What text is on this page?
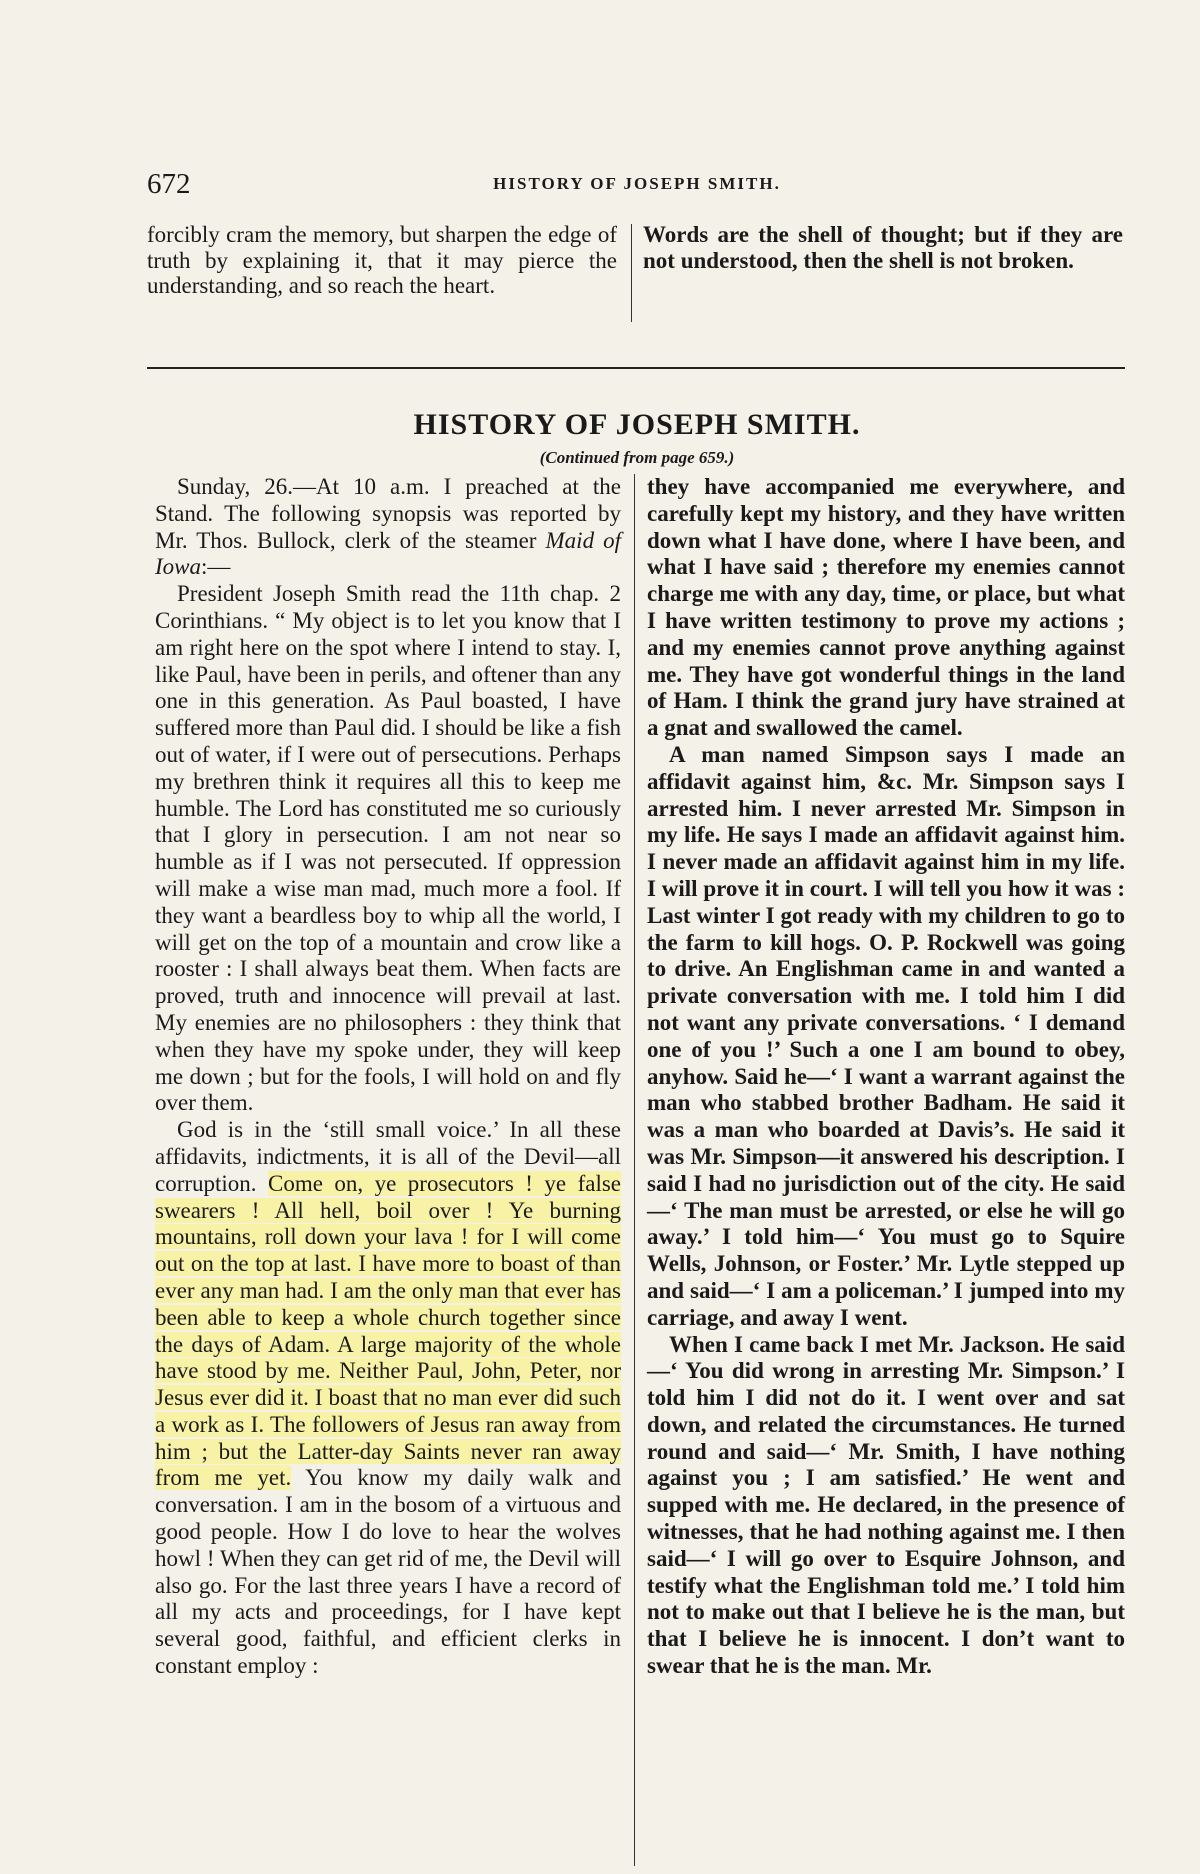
672	HISTORY OF JOSEPH SMITH.

forcibly cram the memory, but sharpen the edge of truth by explaining it, that it may pierce the understanding, and so reach the heart.

Words are the shell of thought; but if they are not understood, then the shell is not broken.

HISTORY OF JOSEPH SMITH.
(Continued from page 659.)

Sunday, 26.—At 10 a.m. I preached at the Stand. The following synopsis was reported by Mr. Thos. Bullock, clerk of the steamer Maid of Iowa:—

President Joseph Smith read the 11th chap. 2 Corinthians. “ My object is to let you know that I am right here on the spot where I intend to stay. I, like Paul, have been in perils, and oftener than any one in this generation. As Paul boasted, I have suffered more than Paul did. I should be like a fish out of water, if I were out of persecutions. Perhaps my brethren think it requires all this to keep me humble. The Lord has constituted me so curiously that I glory in persecution. I am not near so humble as if I was not persecuted. If oppression will make a wise man mad, much more a fool. If they want a beardless boy to whip all the world, I will get on the top of a mountain and crow like a rooster : I shall always beat them. When facts are proved, truth and innocence will prevail at last. My enemies are no philosophers : they think that when they have my spoke under, they will keep me down ; but for the fools, I will hold on and fly over them.

God is in the ‘still small voice.’ In all these affidavits, indictments, it is all of the Devil—all corruption. Come on, ye prosecutors ! ye false swearers ! All hell, boil over ! Ye burning mountains, roll down your lava ! for I will come out on the top at last. I have more to boast of than ever any man had. I am the only man that ever has been able to keep a whole church together since the days of Adam. A large majority of the whole have stood by me. Neither Paul, John, Peter, nor Jesus ever did it. I boast that no man ever did such a work as I. The followers of Jesus ran away from him ; but the Latter-day Saints never ran away from me yet. You know my daily walk and conversation. I am in the bosom of a virtuous and good people. How I do love to hear the wolves howl ! When they can get rid of me, the Devil will also go. For the last three years I have a record of all my acts and proceedings, for I have kept several good, faithful, and efficient clerks in constant employ :

they have accompanied me everywhere, and carefully kept my history, and they have written down what I have done, where I have been, and what I have said ; therefore my enemies cannot charge me with any day, time, or place, but what I have written testimony to prove my actions ; and my enemies cannot prove anything against me. They have got wonderful things in the land of Ham. I think the grand jury have strained at a gnat and swallowed the camel.

A man named Simpson says I made an affidavit against him, &c. Mr. Simpson says I arrested him. I never arrested Mr. Simpson in my life. He says I made an affidavit against him. I never made an affidavit against him in my life. I will prove it in court. I will tell you how it was : Last winter I got ready with my children to go to the farm to kill hogs. O. P. Rockwell was going to drive. An Englishman came in and wanted a private conversation with me. I told him I did not want any private conversations. ‘ I demand one of you !’ Such a one I am bound to obey, anyhow. Said he—‘ I want a warrant against the man who stabbed brother Badham. He said it was a man who boarded at Davis’s. He said it was Mr. Simpson—it answered his description. I said I had no jurisdiction out of the city. He said—‘ The man must be arrested, or else he will go away.’ I told him—‘ You must go to Squire Wells, Johnson, or Foster.’ Mr. Lytle stepped up and said—‘ I am a policeman.’ I jumped into my carriage, and away I went.

When I came back I met Mr. Jackson. He said—‘ You did wrong in arresting Mr. Simpson.’ I told him I did not do it. I went over and sat down, and related the circumstances. He turned round and said—‘ Mr. Smith, I have nothing against you ; I am satisfied.’ He went and supped with me. He declared, in the presence of witnesses, that he had nothing against me. I then said—‘ I will go over to Esquire Johnson, and testify what the Englishman told me.’ I told him not to make out that I believe he is the man, but that I believe he is innocent. I don’t want to swear that he is the man. Mr.
